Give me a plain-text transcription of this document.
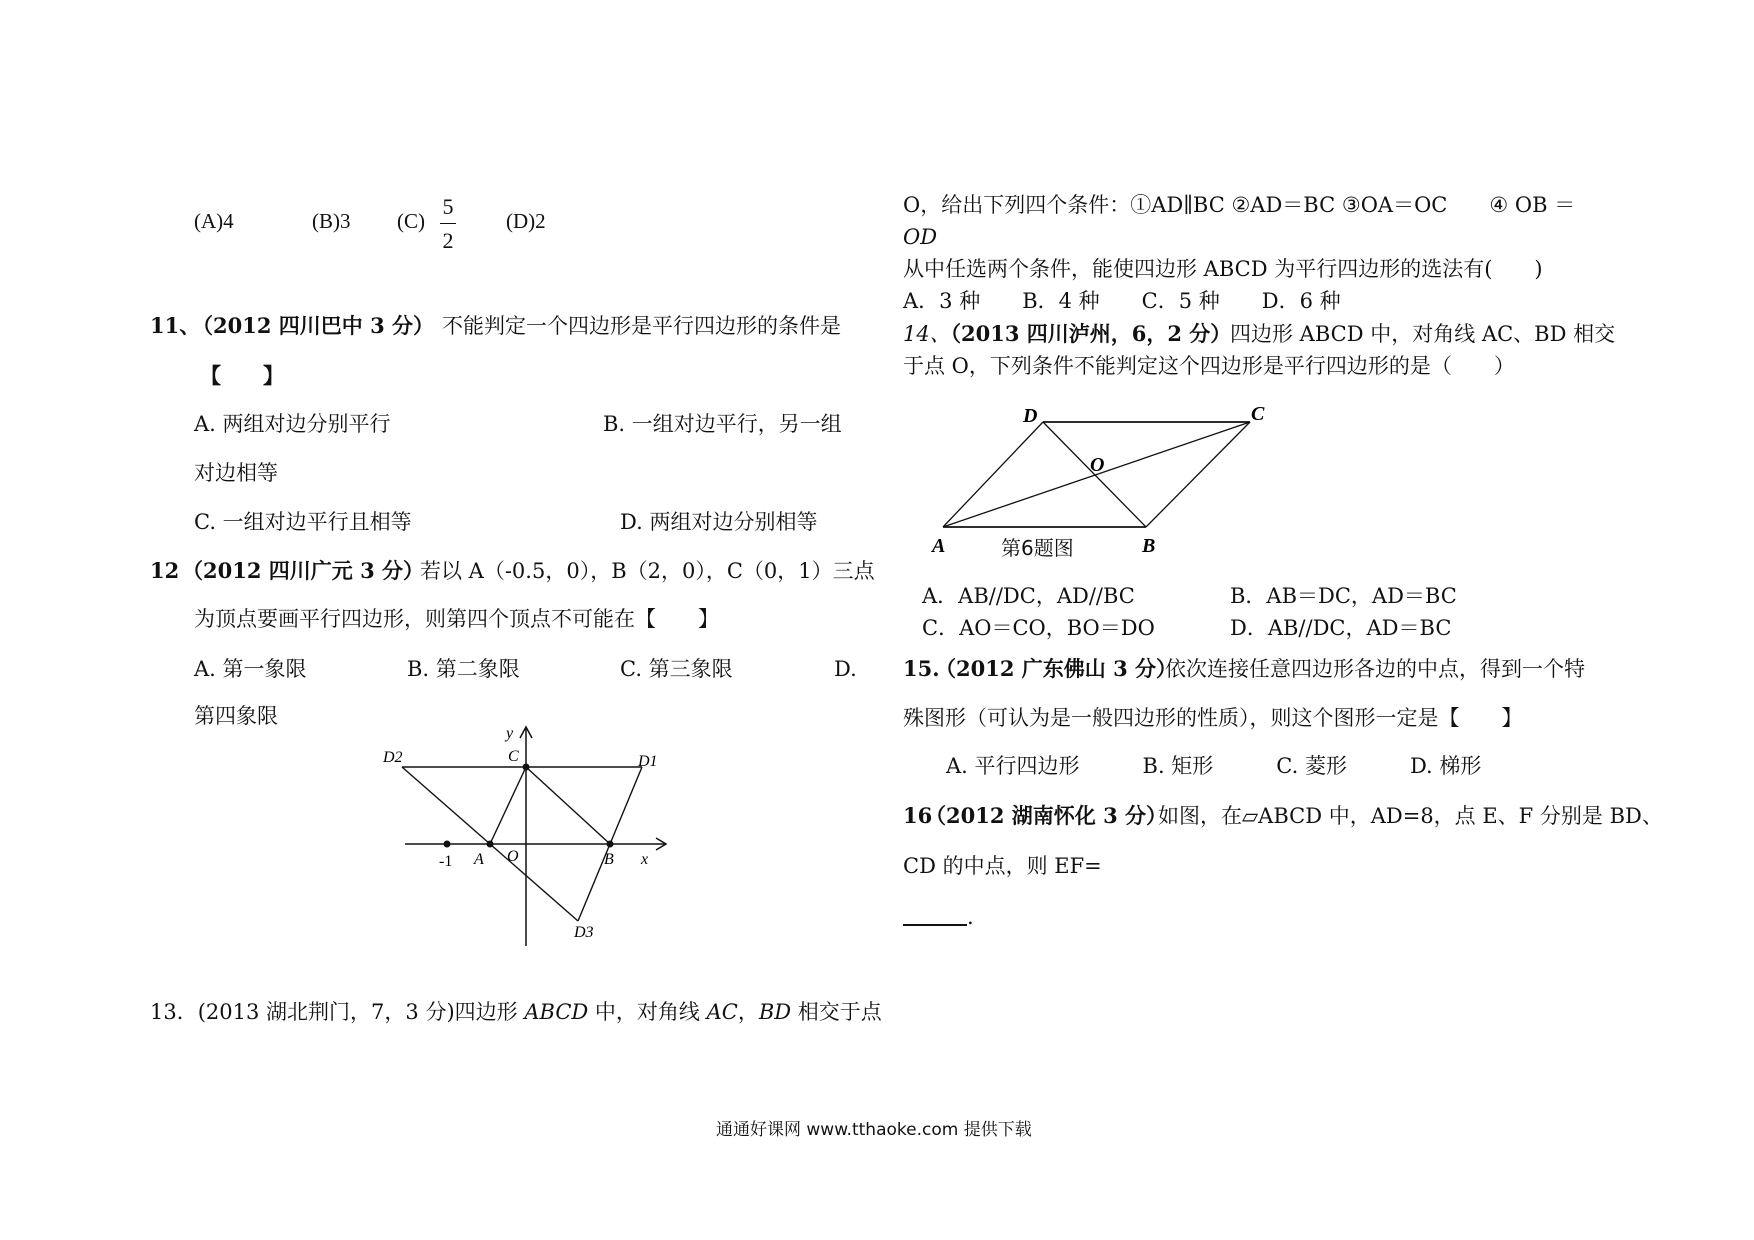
(A)4	(B)3 (C)
5
2
(D)2
11、
（2012 四川巴中 3 分） 不能判定一个四边形是平行四边形的条件是
【　　】
A. 两组对边分别平行	B. 一组对边平行，另一组
对边相等
C. 一组对边平行且相等	D. 两组对边分别相等
12 （2012 四川广元 3 分）
若以 A（-0.5，0），B（2，0），C（0，1）三点
为顶点要画平行四边形，则第四个顶点不可能在【　　】
A. 第一象限	B. 第二象限	C. 第三象限	D.
第四象限
y
x
C	D1
D2
D3
A O	B
-1
13．(2013 湖北荆门，7，3 分)四边形 ABCD 中，对角线 AC，BD 相交于点
O，给出下列四个条件：①AD∥BC ②AD＝BC ③OA＝OC　　④ OB ＝
OD
从中任选两个条件，能使四边形 ABCD 为平行四边形的选法有(　　)
A．3 种　　B．4 种　　C．5 种　　D．6 种
14、
（2013 四川泸州，6，2 分）
四边形 ABCD 中，对角线 AC、BD 相交
于点 O，下列条件不能判定这个四边形是平行四边形的是（　　）
D	C
O
A	B
第6题图
A．AB//DC，AD//BC	B．AB＝DC，AD＝BC
C．AO＝CO，BO＝DO	D．AB//DC，AD＝BC
15.
（2012 广东佛山 3 分）
依次连接任意四边形各边的中点，得到一个特
殊图形（可认为是一般四边形的性质），则这个图形一定是【　　】
A. 平行四边形　　　B. 矩形　　　C. 菱形　　　D. 梯形
16
（2012 湖南怀化 3 分）
如图，在▱ABCD 中，AD=8，点 E、F 分别是 BD、
CD 的中点，则 EF=
.
通通好课网 www.tthaoke.com 提供下载
